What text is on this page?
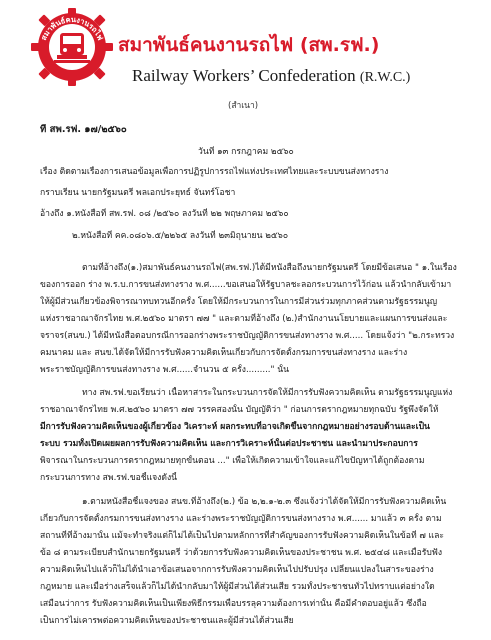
สมาพันธ์คนงานรถไฟ สมาพันธ์คนงานรถไฟ (สพ.รฟ.)
Railway Workers’ Confederation (R.W.C.)
(สำเนา)
ที่ สพ.รฟ. ๑๗/๒๕๖๐
วันที่ ๑๓ กรกฎาคม ๒๕๖๐
เรื่อง ติดตามเรื่องการเสนอข้อมูลเพื่อการปฏิรูปการรถไฟแห่งประเทศไทยและระบบขนส่งทางราง
กราบเรียน นายกรัฐมนตรี พลเอกประยุทธ์ จันทร์โอชา
อ้างถึง ๑.หนังสือที่ สพ.รฟ. ๐๘ /๒๕๖๐ ลงวันที่ ๒๒ พฤษภาคม ๒๕๖๐
๒.หนังสือที่ คค.๐๘๐๖.๕/๒๒๖๕ ลงวันที่ ๒๓มิถุนายน ๒๕๖๐
ตามที่อ้างถึง(๑.)สมาพันธ์คนงานรถไฟ(สพ.รฟ.)ได้มีหนังสือถึงนายกรัฐมนตรี โดยมีข้อเสนอ " ๑.ในเรื่อง
ของการออก ร่าง พ.ร.บ.การขนส่งทางราง พ.ศ......ขอเสนอให้รัฐบาลชะลอกระบวนการไว้ก่อน แล้วนำกลับเข้ามา
ให้ผู้มีส่วนเกี่ยวข้องพิจารณาทบทวนอีกครั้ง โดยให้มีกระบวนการในการมีส่วนร่วมทุกภาคส่วนตามรัฐธรรมนูญ
แห่งราชอาณาจักรไทย พ.ศ.๒๕๖๐ มาตรา ๗๗ " และตามที่อ้างถึง (๒.)สำนักงานนโยบายและแผนการขนส่งและ
จราจร(สนข.) ได้มีหนังสือตอบกรณีการออกร่างพระราชบัญญัติการขนส่งทางราง พ.ศ..... โดยแจ้งว่า "๒.กระทรวง
คมนาคม และ สนข.ได้จัดให้มีการรับฟังความคิดเห็นเกี่ยวกับการจัดตั้งกรมการขนส่งทางราง และร่าง
พระราชบัญญัติการขนส่งทางราง พ.ศ......จำนวน ๕ ครั้ง........." นั้น
ทาง สพ.รฟ.ขอเรียนว่า เนื้อหาสาระในกระบวนการจัดให้มีการรับฟังความคิดเห็น ตามรัฐธรรมนูญแห่ง
ราชอาณาจักรไทย พ.ศ.๒๕๖๐ มาตรา ๗๗ วรรคสองนั้น บัญญัติว่า " ก่อนการตรากฎหมายทุกฉบับ รัฐพึงจัดให้
มีการรับฟังความคิดเห็นของผู้เกี่ยวข้อง วิเคราะห์ ผลกระทบที่อาจเกิดขึ้นจากกฎหมายอย่างรอบด้านและเป็น
ระบบ รวมทั้งเปิดเผยผลการรับฟังความคิดเห็น และการวิเคราะห์นั้นต่อประชาชน และนำมาประกอบการ
พิจารณาในกระบวนการตรากฎหมายทุกขั้นตอน ..." เพื่อให้เกิดความเข้าใจและแก้ไขปัญหาได้ถูกต้องตาม
กระบวนการทาง สพ.รฟ.ขอชี้แจงดังนี้
๑.ตามหนังสือชี้แจงของ สนข.ที่อ้างถึง(๒.) ข้อ ๒,๒.๑-๒.๓ ซึ่งแจ้งว่าได้จัดให้มีการรับฟังความคิดเห็น
เกี่ยวกับการจัดตั้งกรมการขนส่งทางราง และร่างพระราชบัญญัติการขนส่งทางราง พ.ศ...... มาแล้ว ๓ ครั้ง ตาม
สถานที่ที่อ้างมานั้น แม้จะทำจริงแต่ก็ไม่ได้เป็นไปตามหลักการที่สำคัญของการรับฟังความคิดเห็นในข้อที่ ๗ และ
ข้อ ๘ ตามระเบียบสำนักนายกรัฐมนตรี ว่าด้วยการรับฟังความคิดเห็นของประชาชน พ.ศ. ๒๕๔๘ และเมื่อรับฟัง
ความคิดเห็นไปแล้วก็ไม่ได้นำเอาข้อเสนอจากการรับฟังความคิดเห็นไปปรับปรุง เปลี่ยนแปลงในสาระของร่าง
กฎหมาย และเมื่อร่างเสร็จแล้วก็ไม่ได้นำกลับมาให้ผู้มีส่วนได้ส่วนเสีย รวมทั้งประชาชนทั่วไปทราบแต่อย่างใด
เสมือนว่าการ รับฟังความคิดเห็นเป็นเพียงพิธีกรรมเพื่อบรรลุความต้องการเท่านั้น คือมีคำตอบอยู่แล้ว ซึ่งถือ
เป็นการไม่เคารพต่อความคิดเห็นของประชาชนและผู้มีส่วนได้ส่วนเสีย
